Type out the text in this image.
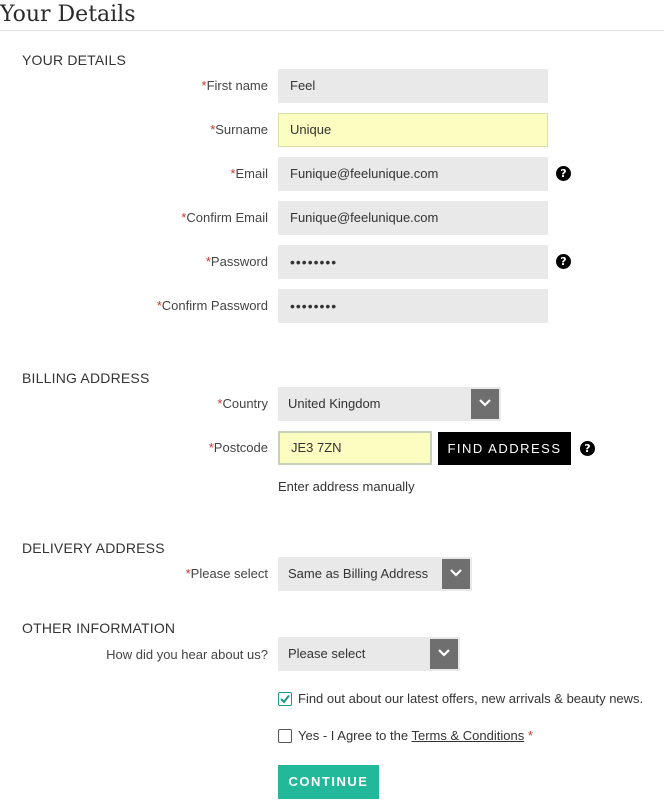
Your Details
YOUR DETAILS
*First name	Feel
*Surname	Unique
*Email	Funique@feelunique.com	?
*Confirm Email	Funique@feelunique.com
*Password	••••••••	?
*Confirm Password	••••••••
BILLING ADDRESS
*Country	United Kingdom
*Postcode	JE3 7ZN	FIND ADDRESS	?
Enter address manually
DELIVERY ADDRESS
*Please select	Same as Billing Address
OTHER INFORMATION
How did you hear about us?	Please select
Find out about our latest offers, new arrivals & beauty news.
Yes - I Agree to the Terms & Conditions *
CONTINUE
